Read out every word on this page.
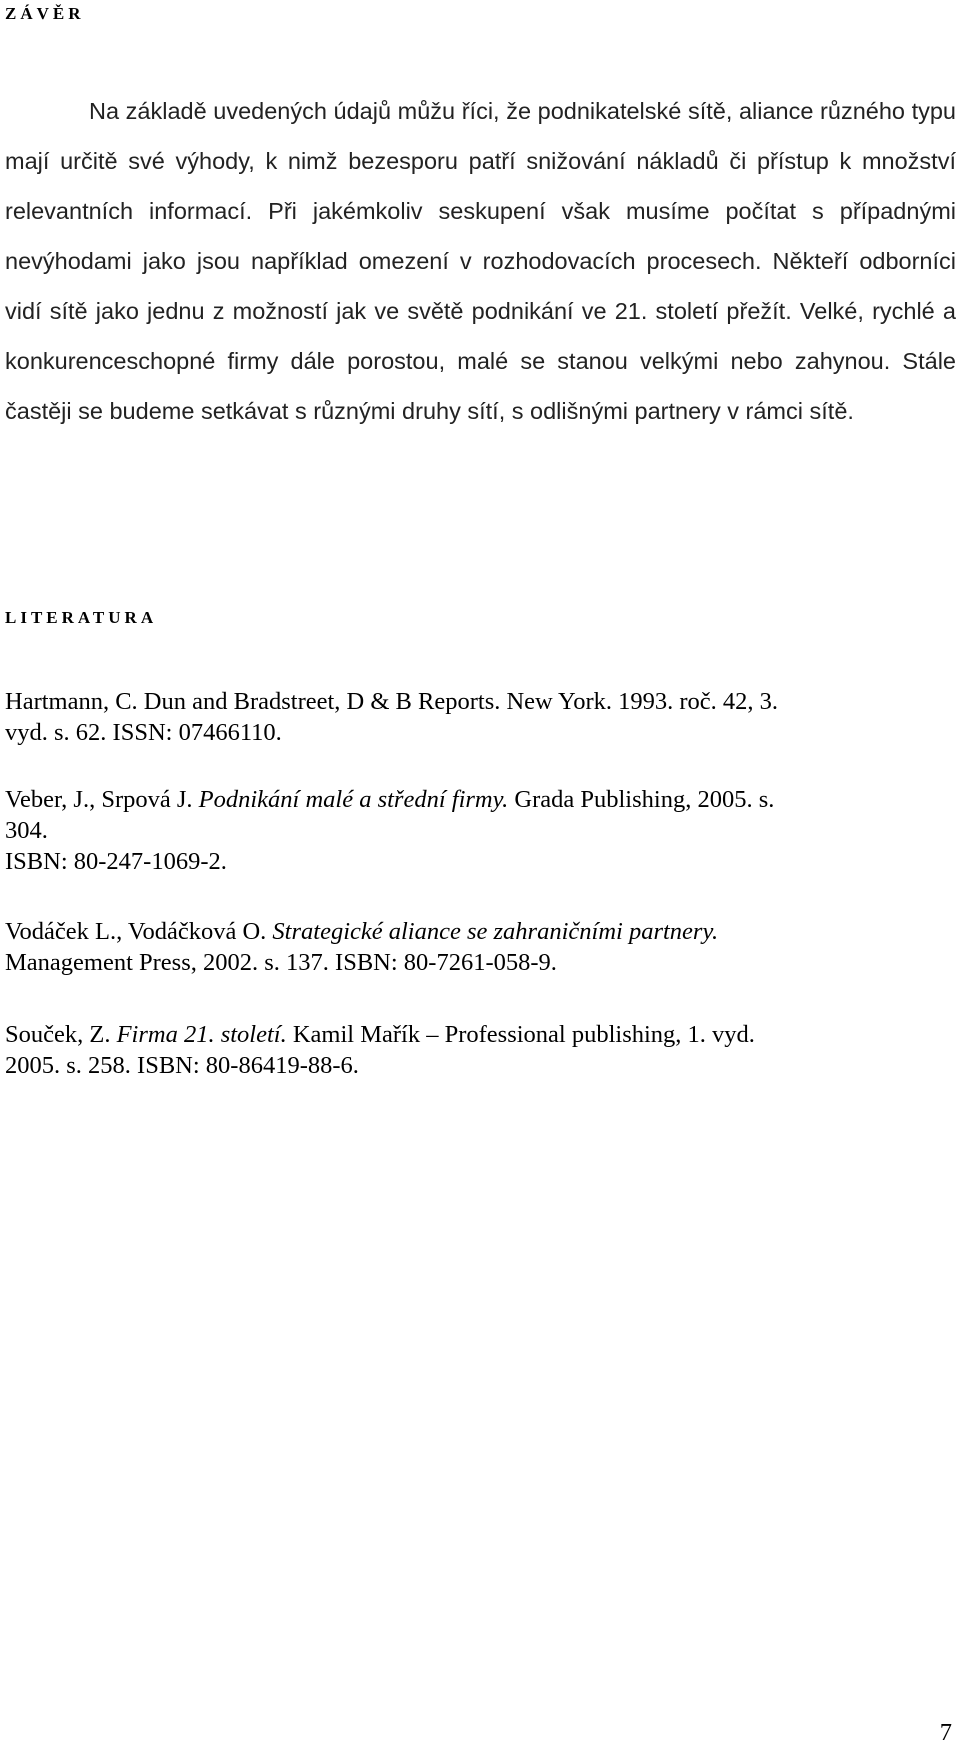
ZÁVĚR

Na základě uvedených údajů můžu říci, že podnikatelské sítě, aliance různého typu mají určitě své výhody, k nimž bezesporu patří snižování nákladů či přístup k množství relevantních informací. Při jakémkoliv seskupení však musíme počítat s případnými nevýhodami jako jsou například omezení v rozhodovacích procesech. Někteří odborníci vidí sítě jako jednu z možností jak ve světě podnikání ve 21. století přežít. Velké, rychlé a konkurenceschopné firmy dále porostou, malé se stanou velkými nebo zahynou. Stále častěji se budeme setkávat s různými druhy sítí, s odlišnými partnery v rámci sítě.

LITERATURA

Hartmann, C. Dun and Bradstreet, D & B Reports. New York. 1993. roč. 42, 3.
vyd. s. 62. ISSN: 07466110.

Veber, J., Srpová J. Podnikání malé a střední firmy. Grada Publishing, 2005. s.
304.
ISBN: 80-247-1069-2.

Vodáček L., Vodáčková O. Strategické aliance se zahraničními partnery.
Management Press, 2002. s. 137. ISBN: 80-7261-058-9.

Souček, Z. Firma 21. století. Kamil Mařík – Professional publishing, 1. vyd.
2005. s. 258. ISBN: 80-86419-88-6.

7
